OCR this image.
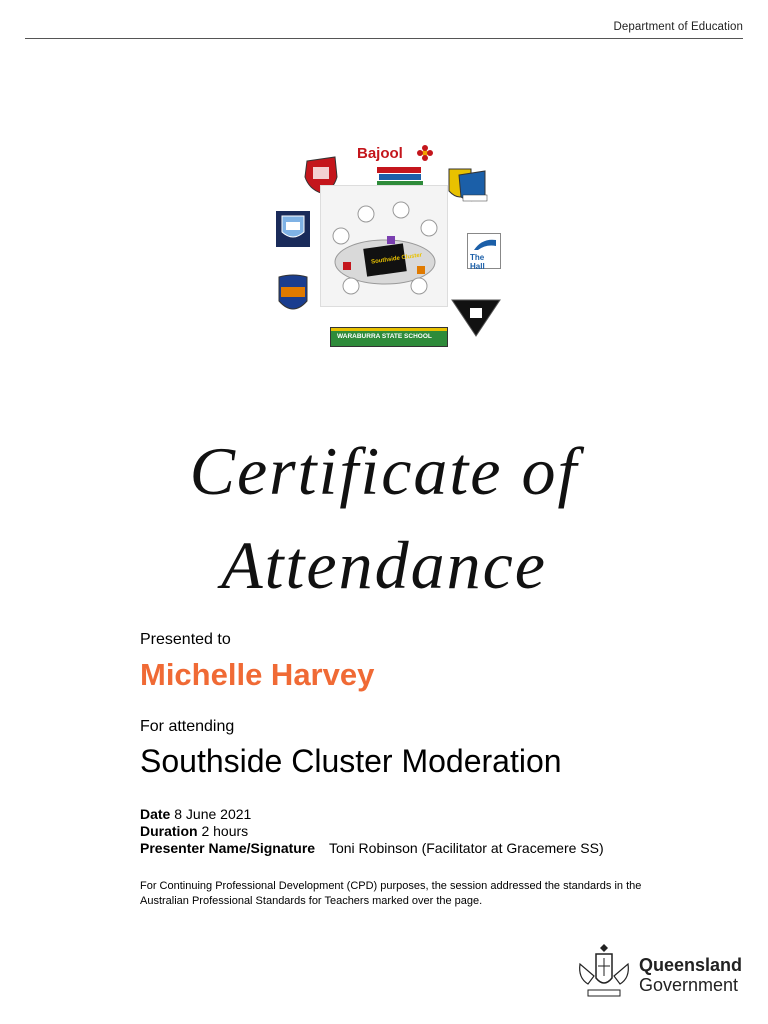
Department of Education
Bajool
Southside Cluster	The Hall
WARABURRA STATE SCHOOL
Certificate of
Attendance
Presented to
Michelle Harvey
For attending
Southside Cluster Moderation
Date 8 June 2021
Duration 2 hours
Presenter Name/Signature Toni Robinson (Facilitator at Gracemere SS)
For Continuing Professional Development (CPD) purposes, the session addressed the standards in the Australian Professional Standards for Teachers marked over the page.
Queensland
Government
